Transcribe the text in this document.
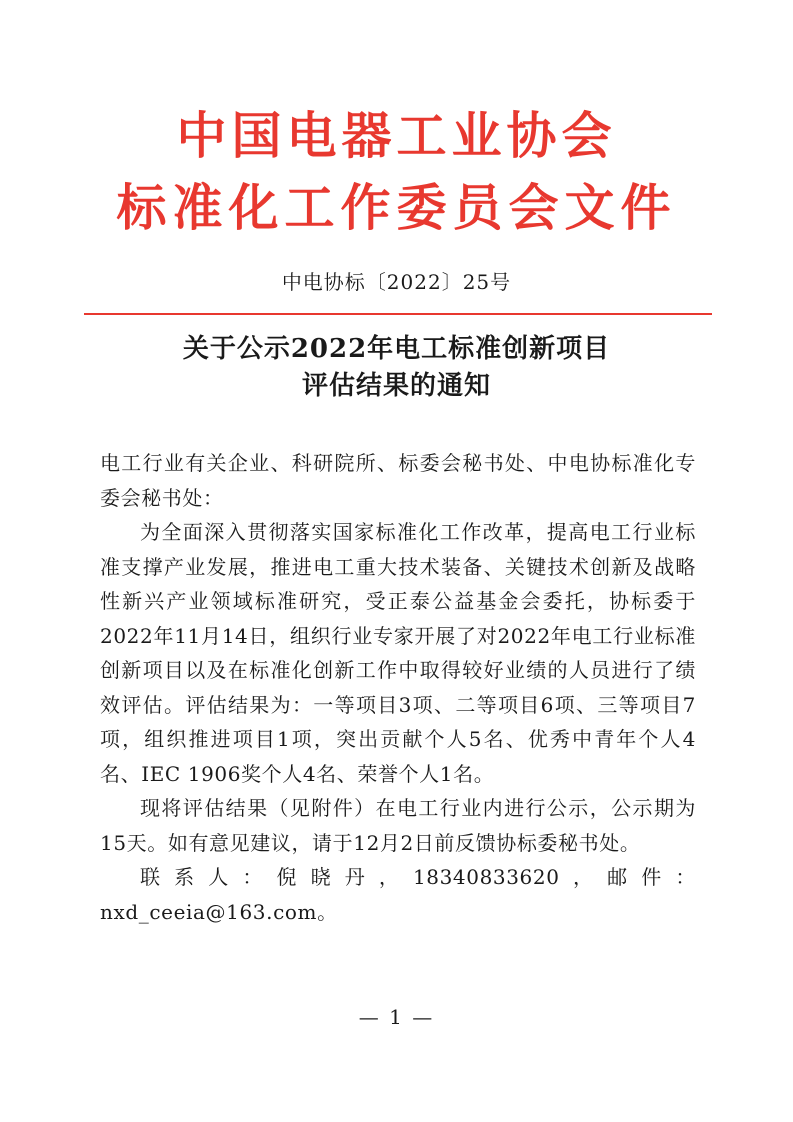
中国电器工业协会
标准化工作委员会文件
中电协标〔2022〕25号
关于公示2022年电工标准创新项目
评估结果的通知

电工行业有关企业、科研院所、标委会秘书处、中电协标准化专委会秘书处：

为全面深入贯彻落实国家标准化工作改革，提高电工行业标准支撑产业发展，推进电工重大技术装备、关键技术创新及战略性新兴产业领域标准研究，受正泰公益基金会委托，协标委于2022年11月14日，组织行业专家开展了对2022年电工行业标准创新项目以及在标准化创新工作中取得较好业绩的人员进行了绩效评估。评估结果为：一等项目3项、二等项目6项、三等项目7项，组织推进项目1项，突出贡献个人5名、优秀中青年个人4名、IEC 1906奖个人4名、荣誉个人1名。

现将评估结果（见附件）在电工行业内进行公示，公示期为15天。如有意见建议，请于12月2日前反馈协标委秘书处。

联系人：倪晓丹，18340833620，邮件：nxd_ceeia@163.com。

— 1 —
